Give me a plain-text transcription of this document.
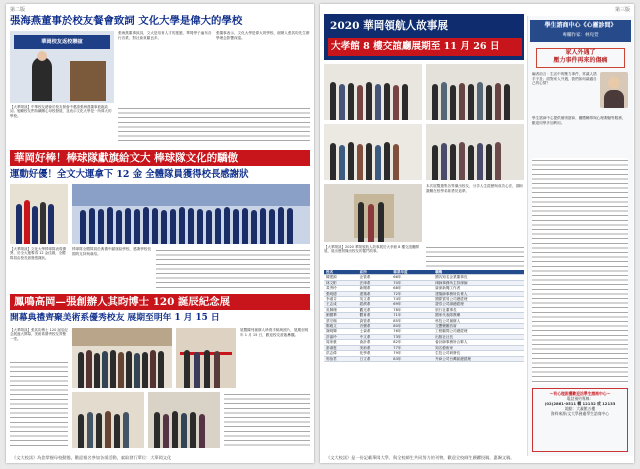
第二版
張海燕董事於校友餐會致詞 文化大學是偉大的學校
華岡校友返校聯誼
張海燕董事致詞，文大是培育人才的搖籃，華岡學子遍布各行各業，對社會貢獻良多。
張董事表示，文化大學是偉大的學校，創辦人張其昀先生辦學理念影響深遠。
【大華岡訊】中華校友總會於校友餐會中邀請張海燕董事蒞臨致詞，勉勵校友們持續關心母校發展，並表示文化大學是一所偉大的學校。
華岡好棒！棒球隊獻旗給文大 棒球隊文化的驕傲
運動好優！全文大運拿下 12 金 全體隊員獲得校長感謝狀
【大華岡訊】文化大學棒球隊表現優異，於全大運奪得 12 金佳績，全體隊員由校長頒發感謝狀。
棒球隊全體隊員於典禮中獻旗給學校，感謝學校長期的支持與栽培。
鳳鳴高岡—張創辦人其昀博士 120 誕辰紀念展
開幕典禮齊聚美術系優秀校友 展期至明年 1 月 15 日
【大華岡訊】張其昀博士 120 誕辰紀念展盛大開幕，美術系優秀校友齊聚一堂。
展覽陳列創辦人珍貴手稿與照片，展期至明年 1 月 15 日，歡迎校友蒞臨參觀。
《文大校訊》為您掌握母校動態，歡迎報名參加各項活動，索取發行單位：大華岡文化
第三版
2020 華岡領航人故事展
大孝館 8 樓交誼廳展期至 11 月 26 日
本次展覽邀集各界傑出校友，分享人生經歷與成功心法，期盼激勵在校學弟妹勇於追夢。
【大華岡訊】2020 華岡領航人故事展於大孝館 8 樓交誼廳開展，展出歷屆傑出校友的奮鬥故事。
姓名	系所	畢業年度	職稱
陳建源	企管系	66年	國內知名企業董事長
林文彬	法律系	70年	律師事務所主持律師
黃秀玲	新聞系	68年	資深新聞工作者
張明德	建築系	72年	建築師事務所負責人
李淑芬	英文系	74年	國際貿易公司總經理
王志成	經濟系	69年	證券公司副總經理
吳佩珊	觀光系	78年	旅行社董事長
劉國華	體育系	71年	國家代表隊教練
蔡宗翰	資管系	85年	科技公司創辦人
鄭雅文	音樂系	80年	交響樂團首席
謝明輝	土資系	76年	工程顧問公司總經理
許嘉玲	中文系	73年	出版社社長
周家豪	會計系	82年	會計師事務所合夥人
游淑惠	美術系	77年	知名藝術家
洪志偉	化學系	79年	生技公司研發長
郭怡君	日文系	83年	外商公司台灣區總經理
學生諮商中心《心靈診間》
專欄作家：林宛萱
家人外遇了
壓力事件再來的傷痛
編者前言：生活中的壓力事件，常讓人措手不及；面對家人外遇，我們如何調適自己的心情？
學生諮商中心提供個別諮商、團體輔導與心理測驗等服務，歡迎同學多加利用。
～有心理困擾歡迎洽學生諮商中心～
電話預約專線：
(02)2861-0511 轉 12132 或 12133
地點：大義館五樓
資料來源/文大學務處學生諮商中心
《文大校訊》是一份記載華岡大學、與全校師生共同努力的刊物，歡迎全校師生踴躍投稿，惠賜文稿。
